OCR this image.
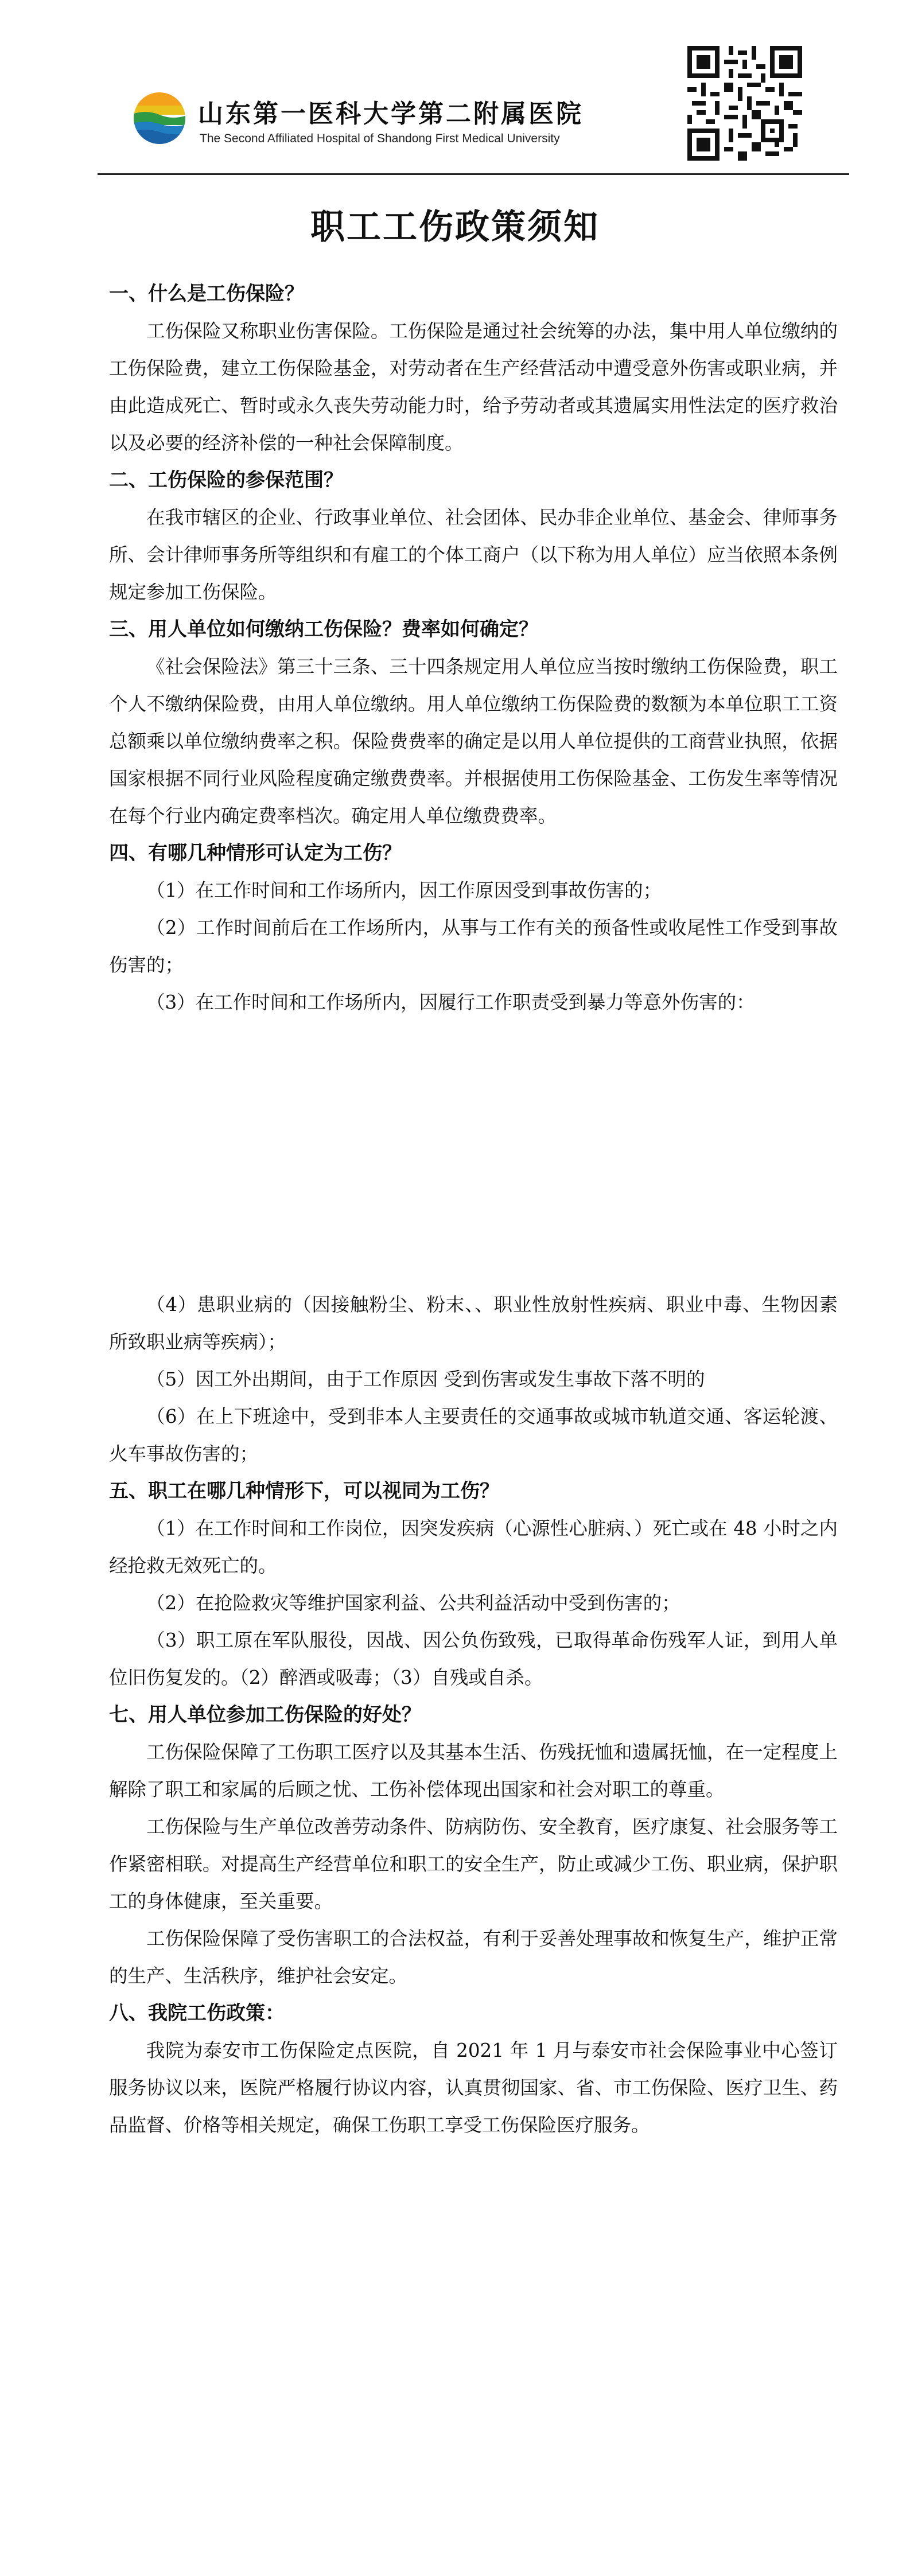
山东第一医科大学第二附属医院
The Second Affiliated Hospital of Shandong First Medical University
职工工伤政策须知
一、什么是工伤保险？

工伤保险又称职业伤害保险。工伤保险是通过社会统筹的办法，集中用人单位缴纳的工伤保险费，建立工伤保险基金，对劳动者在生产经营活动中遭受意外伤害或职业病，并由此造成死亡、暂时或永久丧失劳动能力时，给予劳动者或其遗属实用性法定的医疗救治以及必要的经济补偿的一种社会保障制度。

二、工伤保险的参保范围？

在我市辖区的企业、行政事业单位、社会团体、民办非企业单位、基金会、律师事务所、会计律师事务所等组织和有雇工的个体工商户（以下称为用人单位）应当依照本条例规定参加工伤保险。

三、用人单位如何缴纳工伤保险？费率如何确定？

《社会保险法》第三十三条、三十四条规定用人单位应当按时缴纳工伤保险费，职工个人不缴纳保险费，由用人单位缴纳。用人单位缴纳工伤保险费的数额为本单位职工工资总额乘以单位缴纳费率之积。保险费费率的确定是以用人单位提供的工商营业执照，依据国家根据不同行业风险程度确定缴费费率。并根据使用工伤保险基金、工伤发生率等情况在每个行业内确定费率档次。确定用人单位缴费费率。

四、有哪几种情形可认定为工伤？

（1）在工作时间和工作场所内，因工作原因受到事故伤害的；

（2）工作时间前后在工作场所内，从事与工作有关的预备性或收尾性工作受到事故伤害的；

（3）在工作时间和工作场所内，因履行工作职责受到暴力等意外伤害的：

（4）患职业病的（因接触粉尘、粉末、、职业性放射性疾病、职业中毒、生物因素所致职业病等疾病）；

（5）因工外出期间，由于工作原因 受到伤害或发生事故下落不明的

（6）在上下班途中，受到非本人主要责任的交通事故或城市轨道交通、客运轮渡、火车事故伤害的；

五、职工在哪几种情形下，可以视同为工伤？

（1）在工作时间和工作岗位，因突发疾病（心源性心脏病、）死亡或在 48 小时之内经抢救无效死亡的。

（2）在抢险救灾等维护国家利益、公共利益活动中受到伤害的；

（3）职工原在军队服役，因战、因公负伤致残，已取得革命伤残军人证，到用人单位旧伤复发的。（2）醉酒或吸毒；（3）自残或自杀。

七、用人单位参加工伤保险的好处？

工伤保险保障了工伤职工医疗以及其基本生活、伤残抚恤和遗属抚恤，在一定程度上解除了职工和家属的后顾之忧、工伤补偿体现出国家和社会对职工的尊重。

工伤保险与生产单位改善劳动条件、防病防伤、安全教育，医疗康复、社会服务等工作紧密相联。对提高生产经营单位和职工的安全生产，防止或减少工伤、职业病，保护职工的身体健康，至关重要。

工伤保险保障了受伤害职工的合法权益，有利于妥善处理事故和恢复生产，维护正常的生产、生活秩序，维护社会安定。

八、我院工伤政策：

我院为泰安市工伤保险定点医院，自 2021 年 1 月与泰安市社会保险事业中心签订服务协议以来，医院严格履行协议内容，认真贯彻国家、省、市工伤保险、医疗卫生、药品监督、价格等相关规定，确保工伤职工享受工伤保险医疗服务。
